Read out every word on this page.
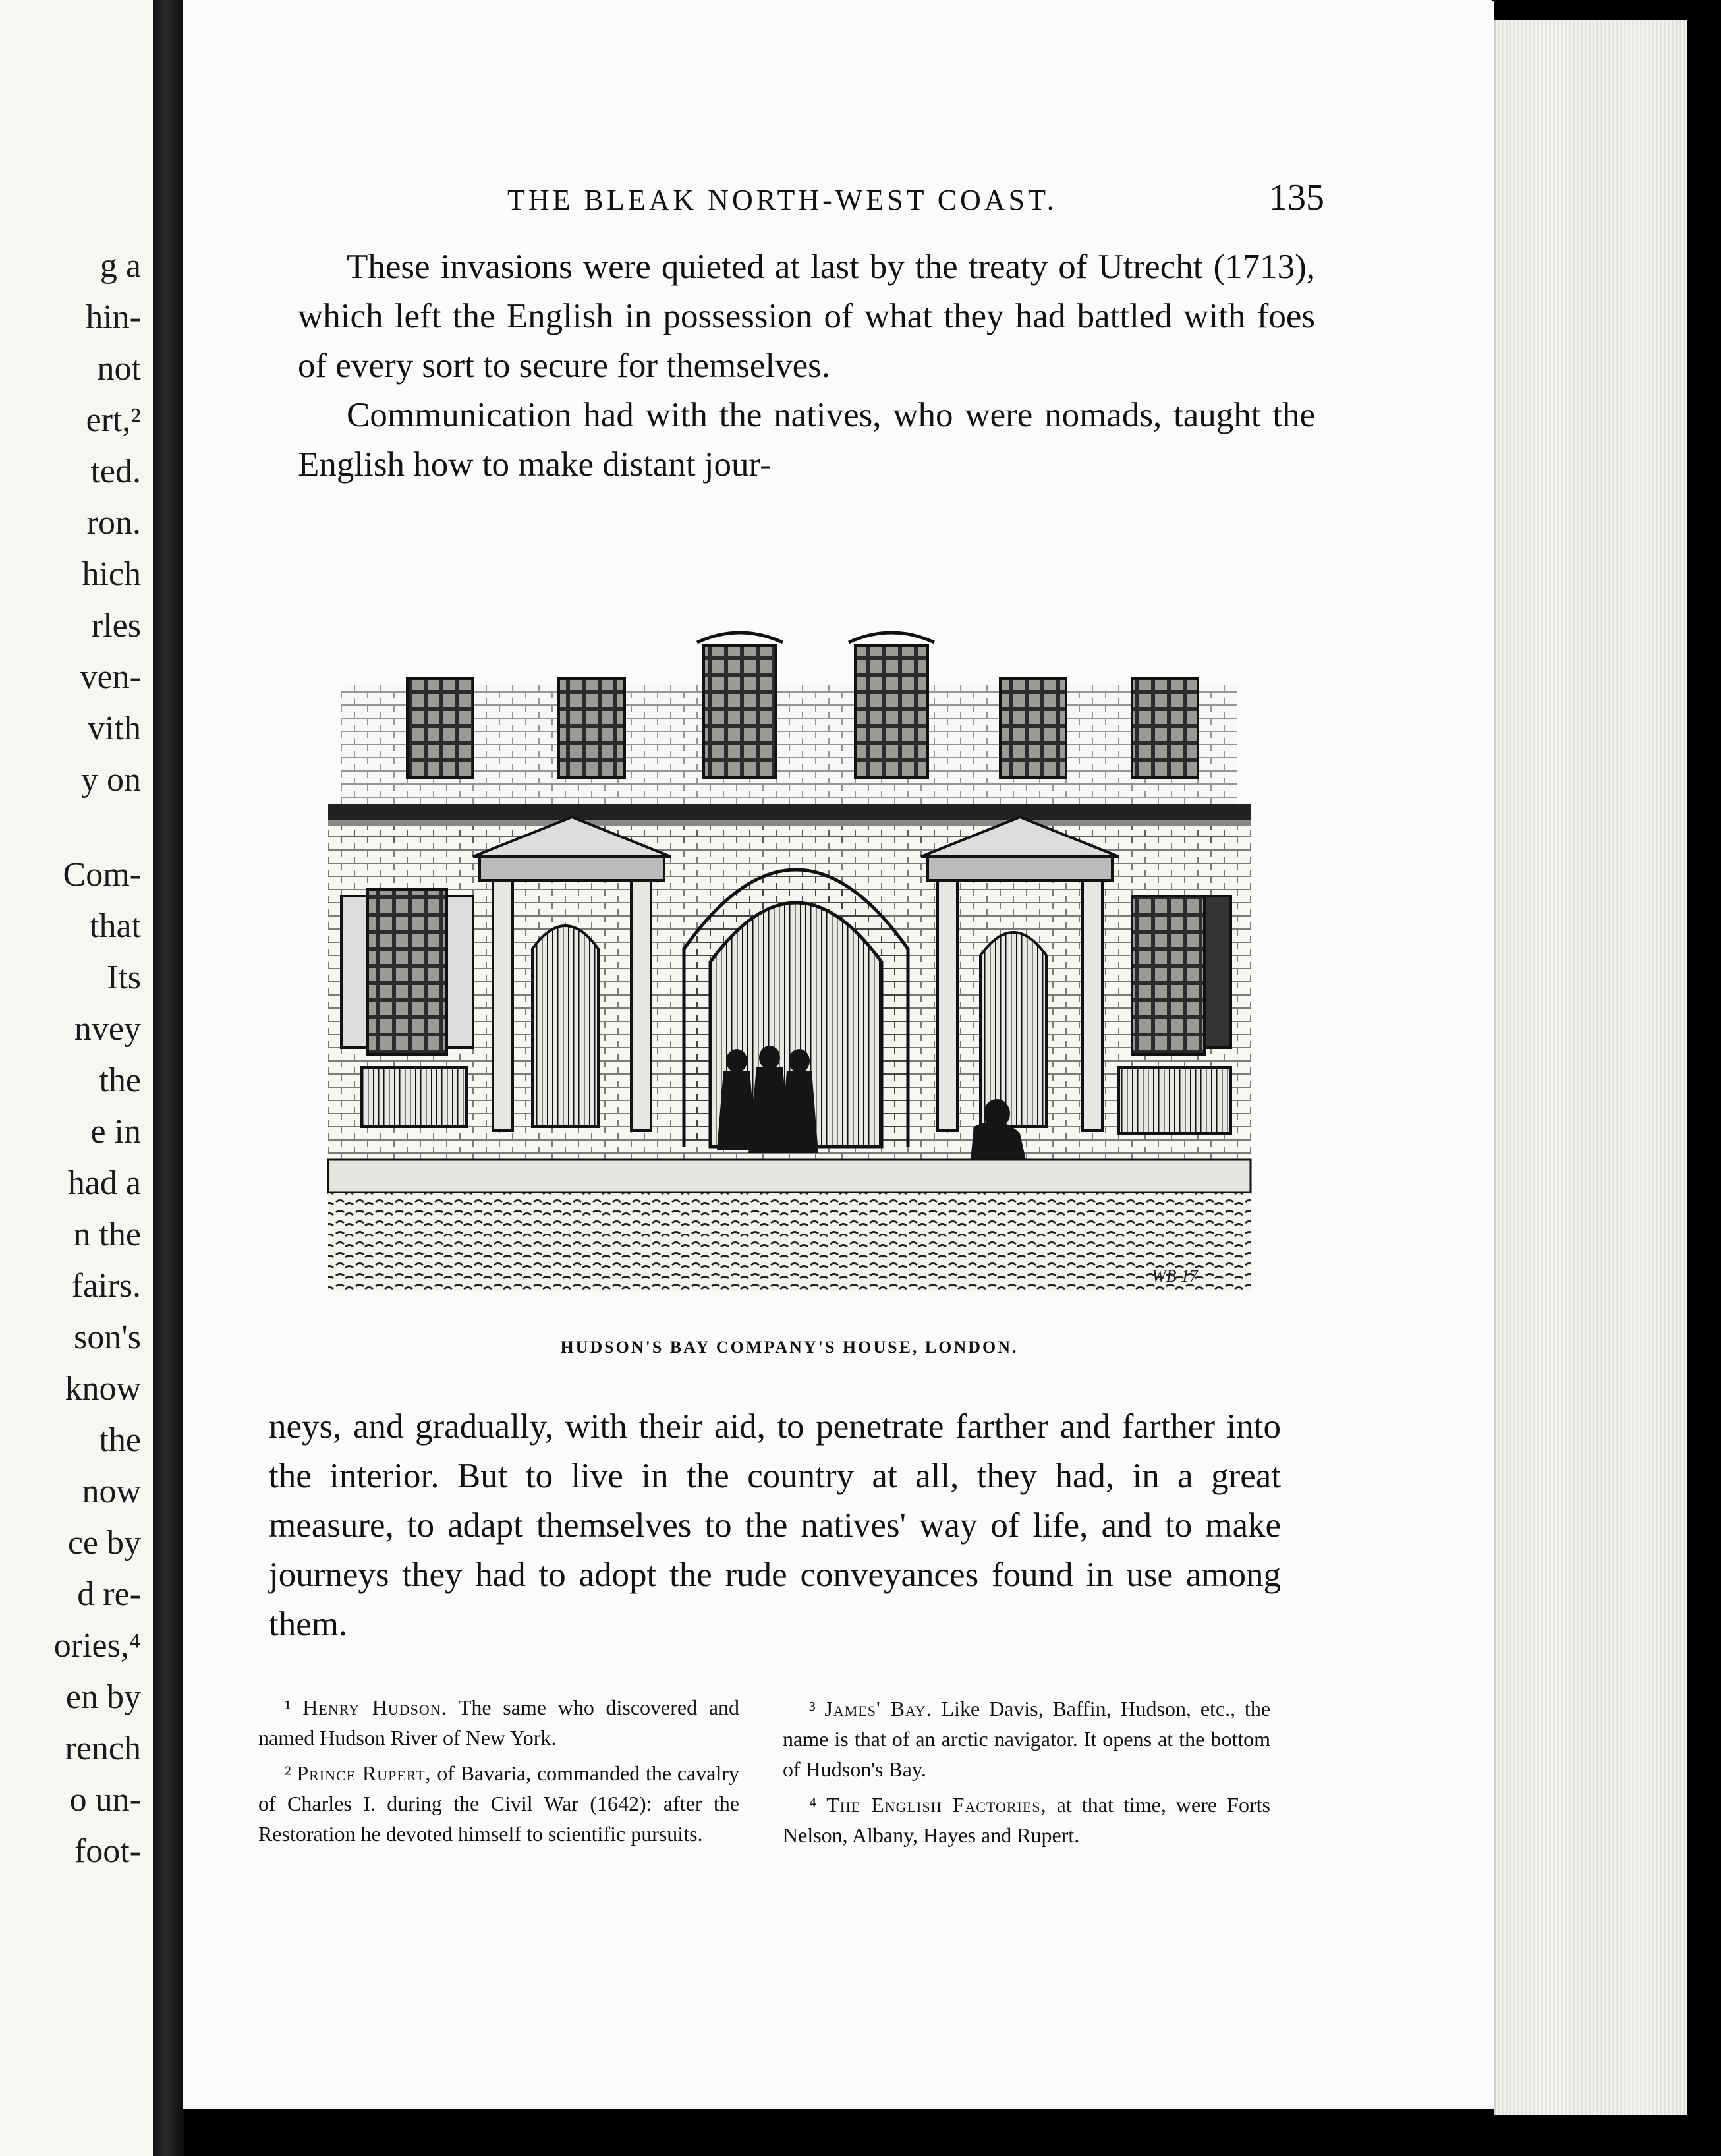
g a
hin-
not
ert,²
ted.
ron.
hich
rles
ven-
vith
y on
Com-
that
Its
nvey
the
e in
had a
n the
fairs.
son's
know
the
now
ce by
d re-
ories,⁴
en by
rench
o un-
foot-
THE BLEAK NORTH-WEST COAST.	135

These invasions were quieted at last by the treaty of Utrecht (1713), which left the English in possession of what they had battled with foes of every sort to secure for themselves.

Communication had with the natives, who were nomads, taught the English how to make distant jour-

WB 17
HUDSON'S BAY COMPANY'S HOUSE, LONDON.

neys, and gradually, with their aid, to penetrate farther and farther into the interior. But to live in the country at all, they had, in a great measure, to adapt themselves to the natives' way of life, and to make journeys they had to adopt the rude conveyances found in use among them.

¹ Henry Hudson. The same who discovered and named Hudson River of New York.

² Prince Rupert, of Bavaria, commanded the cavalry of Charles I. during the Civil War (1642): after the Restoration he devoted himself to scientific pursuits.

³ James' Bay. Like Davis, Baffin, Hudson, etc., the name is that of an arctic navigator. It opens at the bottom of Hudson's Bay.

⁴ The English Factories, at that time, were Forts Nelson, Albany, Hayes and Rupert.
